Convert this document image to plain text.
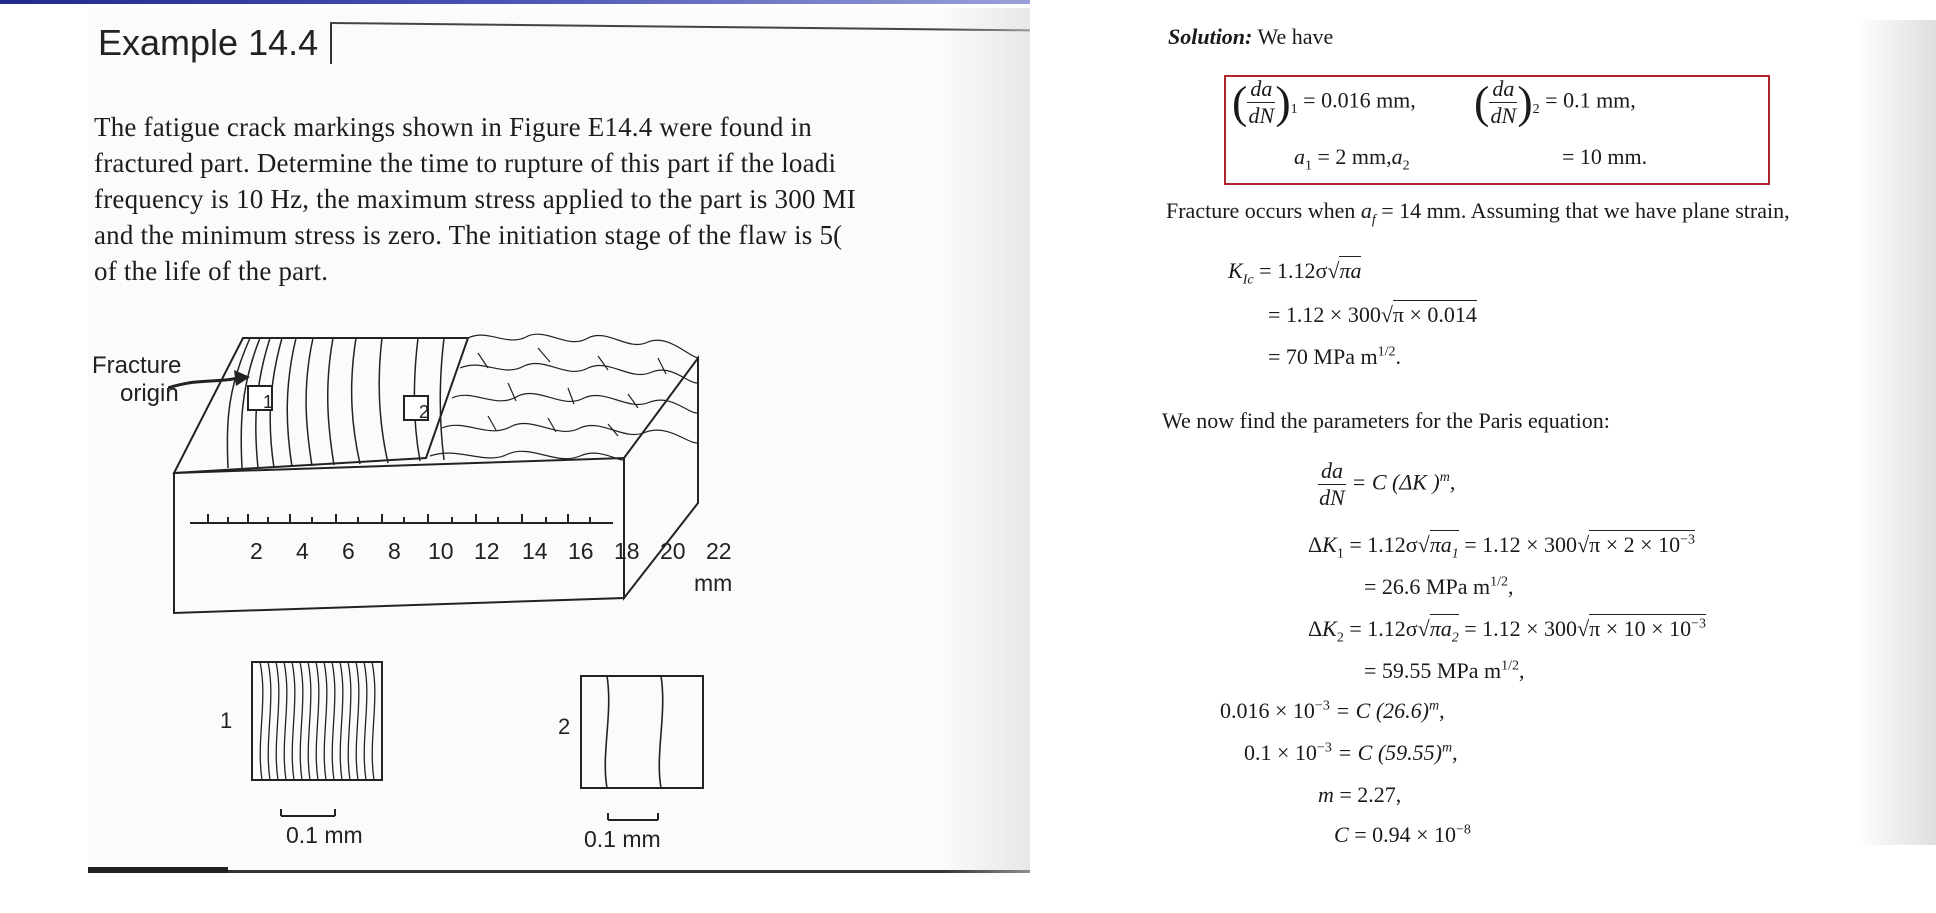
Example 14.4
The fatigue crack markings shown in Figure E14.4 were found in
fractured part. Determine the time to rupture of this part if the loadi
frequency is 10 Hz, the maximum stress applied to the part is 300 MI
and the minimum stress is zero. The initiation stage of the flaw is 5(
of the life of the part.
Fracture
origin	1	2
2 4 6 8 10 12 14 16 18 20 22
mm
1
0.1 mm
2
0.1 mm
Solution: We have
( $\frac{da}{dN} )_1 = 0.016$ mm, ( $\frac{da}{dN} )_2 = 0.1$ mm,
$a_1 = 2$ $mm,a_2$	= 10 mm.
Fracture occurs when $a_f = 14$ mm. Assuming that we have plane strain,
$K_{Ic} = 1.12\sigma√\pi a$
= 1.12 × 300√π × 0.014
= 70 MPa $m^{1/2}$.
We now find the parameters for the Paris equation:
$\frac{da}{dN} = C$ (ΔK )$^m$,
$\Delta K_1 = 1.12\sigma√\pi a_1 = 1.12 \times 300√\pi \times 2 \times 10^{-3}$
= 26.6 MPa $m^{1/2}$,
$\Delta K_2 = 1.12\sigma√\pi a_2 = 1.12 \times 300√\pi \times 10 \times 10^{-3}$
= 59.55 MPa $m^{1/2}$,
$0.016 \times 10^{-3} = C$ $(26.6)^m$,
$0.1 \times 10^{-3} = C$ $(59.55)^m$,
m = 2.27,
$C = 0.94 \times 10^{-8}$
